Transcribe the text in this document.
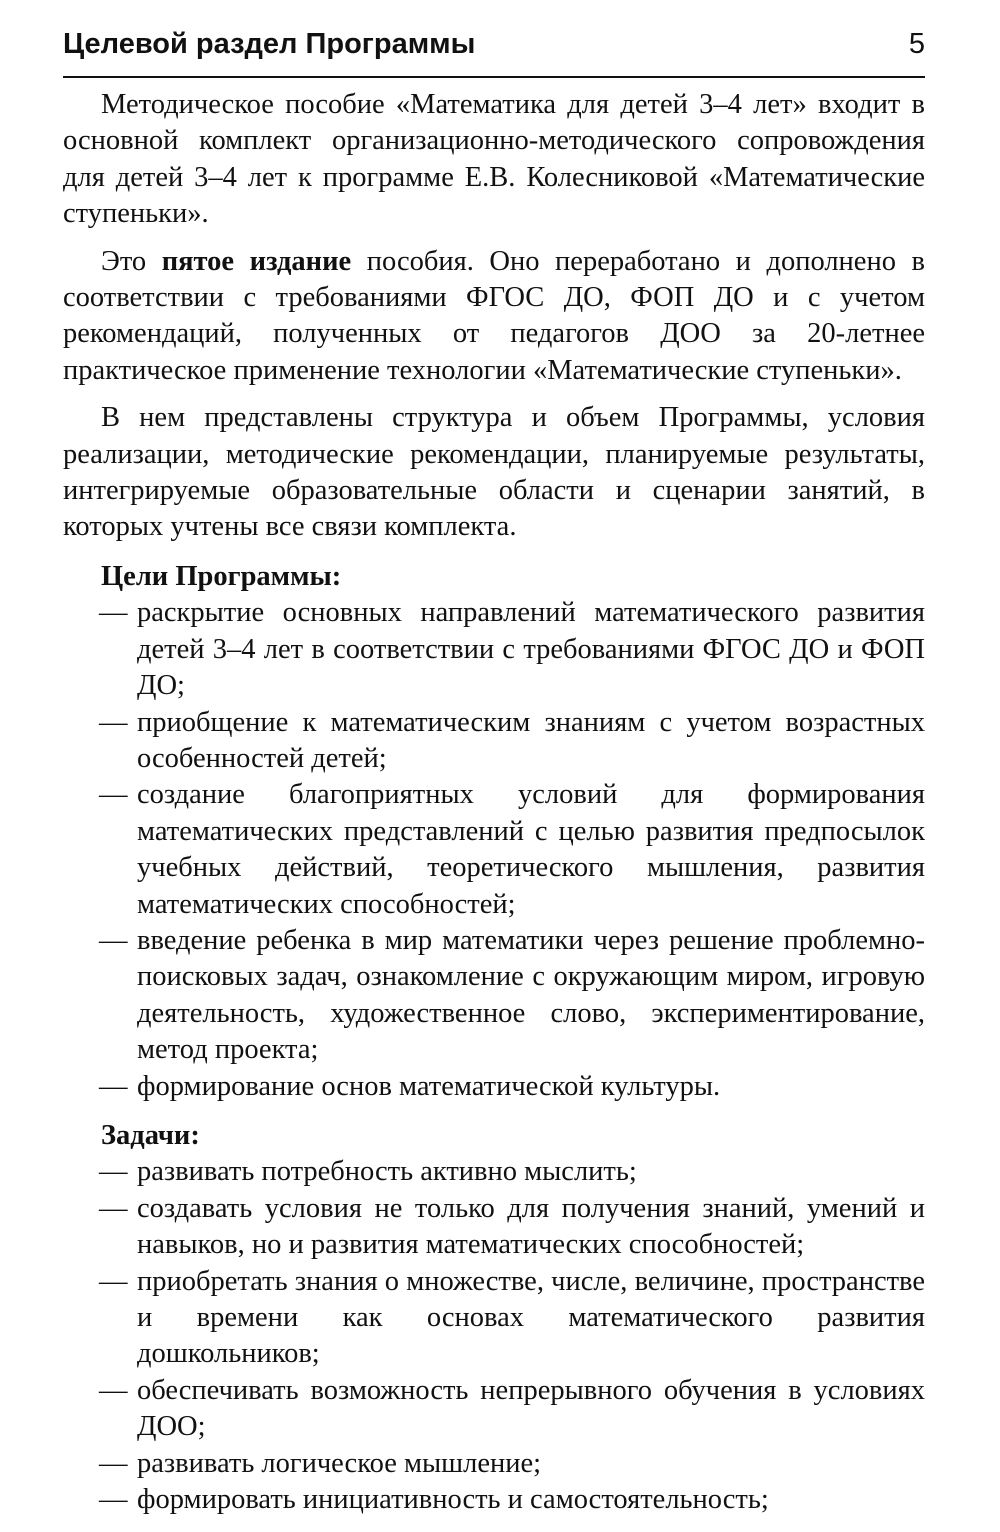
Целевой раздел Программы	5

Методическое пособие «Математика для детей 3–4 лет» входит в основной комплект организационно-методического сопровождения для детей 3–4 лет к программе Е.В. Колесниковой «Математические ступеньки».

Это пятое издание пособия. Оно переработано и дополнено в соответствии с требованиями ФГОС ДО, ФОП ДО и с учетом рекомендаций, полученных от педагогов ДОО за 20-летнее практическое применение технологии «Математические ступеньки».

В нем представлены структура и объем Программы, условия реализации, методические рекомендации, планируемые результаты, интегрируемые образовательные области и сценарии занятий, в которых учтены все связи комплекта.

Цели Программы:
— раскрытие основных направлений математического развития детей 3–4 лет в соответствии с требованиями ФГОС ДО и ФОП ДО;
— приобщение к математическим знаниям с учетом возрастных особенностей детей;
— создание благоприятных условий для формирования математических представлений с целью развития предпосылок учебных действий, теоретического мышления, развития математических способностей;
— введение ребенка в мир математики через решение проблемно-поисковых задач, ознакомление с окружающим миром, игровую деятельность, художественное слово, экспериментирование, метод проекта;
— формирование основ математической культуры.
Задачи:
— развивать потребность активно мыслить;
— создавать условия не только для получения знаний, умений и навыков, но и развития математических способностей;
— приобретать знания о множестве, числе, величине, пространстве и времени как основах математического развития дошкольников;
— обеспечивать возможность непрерывного обучения в условиях ДОО;
— развивать логическое мышление;
— формировать инициативность и самостоятельность;
